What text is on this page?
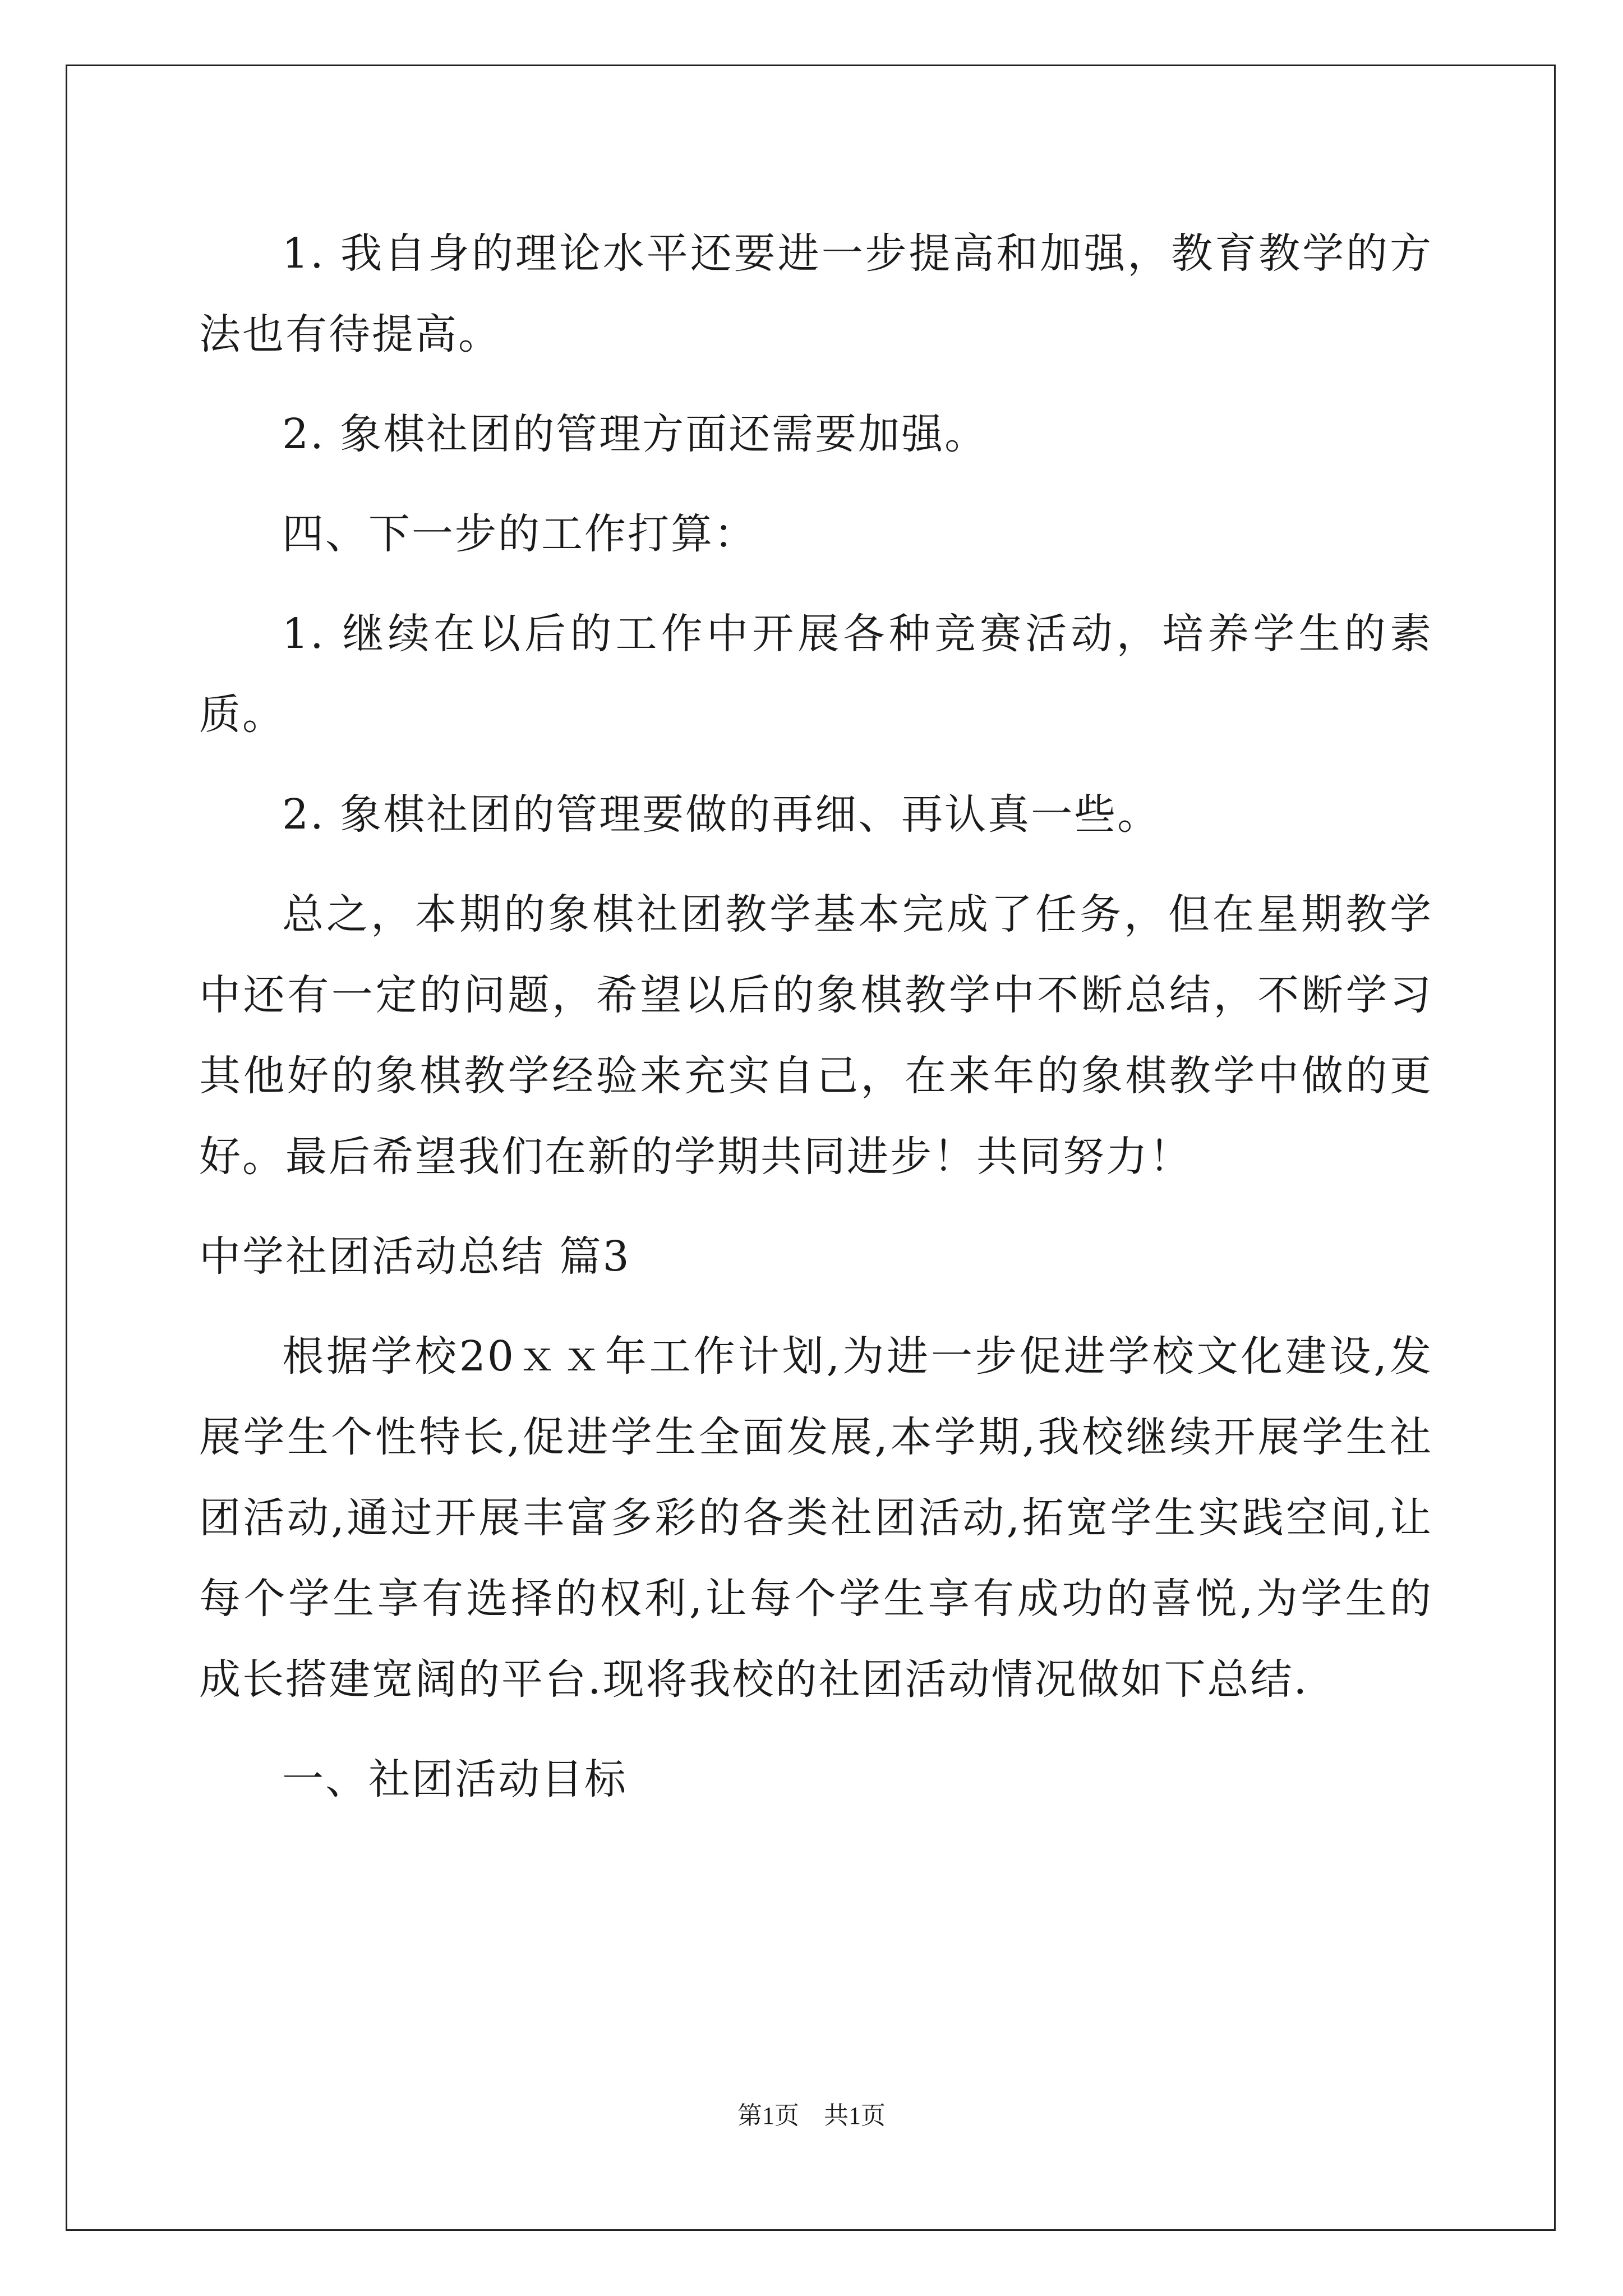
1. 我自身的理论水平还要进一步提高和加强，教育教学的方法也有待提高。

2. 象棋社团的管理方面还需要加强。

四、下一步的工作打算：

1. 继续在以后的工作中开展各种竞赛活动，培养学生的素质。

2. 象棋社团的管理要做的再细、再认真一些。

总之，本期的象棋社团教学基本完成了任务，但在星期教学中还有一定的问题，希望以后的象棋教学中不断总结，不断学习其他好的象棋教学经验来充实自己，在来年的象棋教学中做的更好。最后希望我们在新的学期共同进步！共同努力！

中学社团活动总结 篇3

根据学校20ｘｘ年工作计划,为进一步促进学校文化建设,发展学生个性特长,促进学生全面发展,本学期,我校继续开展学生社团活动,通过开展丰富多彩的各类社团活动,拓宽学生实践空间,让每个学生享有选择的权利,让每个学生享有成功的喜悦,为学生的成长搭建宽阔的平台.现将我校的社团活动情况做如下总结.

一、社团活动目标

第1页　共1页
